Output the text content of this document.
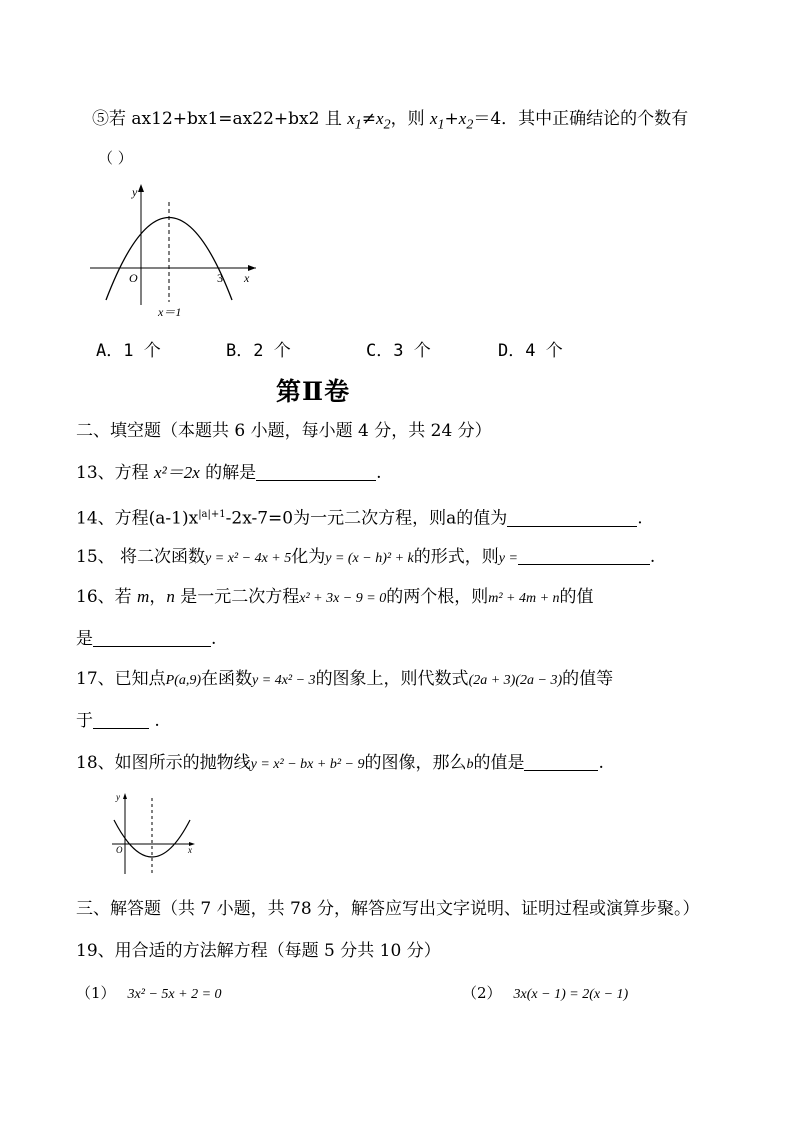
⑤若 ax12+bx1=ax22+bx2 且 $x_1\ne x_2$，则 $x_1+x_2=4$．其中正确结论的个数有
（ ）
y
x
O	3
x＝1
A．1 个	B．2 个	C．3 个	D．4 个
第Ⅱ卷
二、填空题（本题共 6 小题，每小题 4 分，共 24 分）
13、方程 x²＝2x 的解是	.
14、方程$(a-1)x^{|a|+1}-2x-7=0$为一元二次方程，则a的值为	.
15、 将二次函数y = x² − 4x + 5化为y = (x − h)² + k的形式，则y =	.
16、若 m，n 是一元二次方程x² + 3x − 9 = 0的两个根，则m² + 4m + n的值
是	.
17、已知点P(a,9)在函数y = 4x² − 3的图象上，则代数式(2a + 3)(2a − 3)的值等
于	.
18、如图所示的抛物线y = x² − bx + b² − 9的图像，那么b的值是	.
y
x
O
三、解答题（共 7 小题，共 78 分，解答应写出文字说明、证明过程或演算步聚。）
19、用合适的方法解方程（每题 5 分共 10 分）
（1） 3x² − 5x + 2 = 0	（2） 3x(x − 1) = 2(x − 1)
